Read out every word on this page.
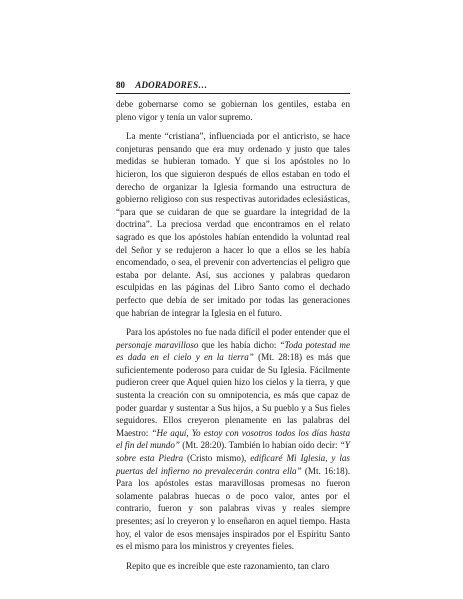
80 ADORADORES…

debe gobernarse como se gobiernan los gentiles, estaba en pleno vigor y tenía un valor supremo.

La mente “cristiana”, influenciada por el anticristo, se hace conjeturas pensando que era muy ordenado y justo que tales medidas se hubieran tomado. Y que si los apóstoles no lo hicieron, los que siguieron después de ellos estaban en todo el derecho de organizar la Iglesia formando una estructura de gobierno religioso con sus respectivas autoridades eclesiásticas, “para que se cuidaran de que se guardare la integridad de la doctrina”. La preciosa verdad que encontramos en el relato sagrado es que los apóstoles habían entendido la voluntad real del Señor y se redujeron a hacer lo que a ellos se les había encomendado, o sea, el prevenir con advertencias el peligro que estaba por delante. Así, sus acciones y palabras quedaron esculpidas en las páginas del Libro Santo como el dechado perfecto que debía de ser imitado por todas las generaciones que habrían de integrar la Iglesia en el futuro.

Para los apóstoles no fue nada difícil el poder entender que el personaje maravilloso que les había dicho: “Toda potestad me es dada en el cielo y en la tierra” (Mt. 28:18) es más que suficientemente poderoso para cuidar de Su Iglesia. Fácilmente pudieron creer que Aquel quien hizo los cielos y la tierra, y que sustenta la creación con su omnipotencia, es más que capaz de poder guardar y sustentar a Sus hijos, a Su pueblo y a Sus fieles seguidores. Ellos creyeron plenamente en las palabras del Maestro: “He aquí, Yo estoy con vosotros todos los días hasta el fin del mundo” (Mt. 28:20). También lo habían oído decir: “Y sobre esta Piedra (Cristo mismo), edificaré Mi Iglesia, y las puertas del infierno no prevalecerán contra ella” (Mt. 16:18). Para los apóstoles estas maravillosas promesas no fueron solamente palabras huecas o de poco valor, antes por el contrario, fueron y son palabras vivas y reales siempre presentes; así lo creyeron y lo enseñaron en aquel tiempo. Hasta hoy, el valor de esos mensajes inspirados por el Espíritu Santo es el mismo para los ministros y creyentes fieles.

Repito que es increíble que este razonamiento, tan claro
